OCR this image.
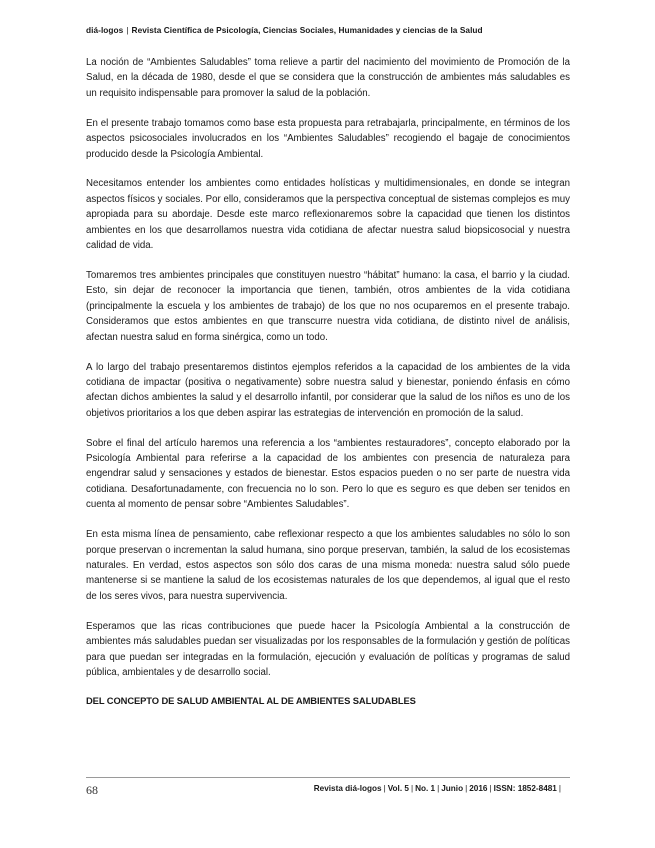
diá-logos | Revista Científica de Psicología, Ciencias Sociales, Humanidades y ciencias de la Salud

La noción de “Ambientes Saludables” toma relieve a partir del nacimiento del movimiento de Promoción de la Salud, en la década de 1980, desde el que se considera que la construcción de ambientes más saludables es un requisito indispensable para promover la salud de la población.

En el presente trabajo tomamos como base esta propuesta para retrabajarla, principalmente, en términos de los aspectos psicosociales involucrados en los “Ambientes Saludables” recogiendo el bagaje de conocimientos producido desde la Psicología Ambiental.

Necesitamos entender los ambientes como entidades holísticas y multidimensionales, en donde se integran aspectos físicos y sociales. Por ello, consideramos que la perspectiva conceptual de sistemas complejos es muy apropiada para su abordaje. Desde este marco reflexionaremos sobre la capacidad que tienen los distintos ambientes en los que desarrollamos nuestra vida cotidiana de afectar nuestra salud biopsicosocial y nuestra calidad de vida.

Tomaremos tres ambientes principales que constituyen nuestro “hábitat” humano: la casa, el barrio y la ciudad. Esto, sin dejar de reconocer la importancia que tienen, también, otros ambientes de la vida cotidiana (principalmente la escuela y los ambientes de trabajo) de los que no nos ocuparemos en el presente trabajo. Consideramos que estos ambientes en que transcurre nuestra vida cotidiana, de distinto nivel de análisis, afectan nuestra salud en forma sinérgica, como un todo.

A lo largo del trabajo presentaremos distintos ejemplos referidos a la capacidad de los ambientes de la vida cotidiana de impactar (positiva o negativamente) sobre nuestra salud y bienestar, poniendo énfasis en cómo afectan dichos ambientes la salud y el desarrollo infantil, por considerar que la salud de los niños es uno de los objetivos prioritarios a los que deben aspirar las estrategias de intervención en promoción de la salud.

Sobre el final del artículo haremos una referencia a los “ambientes restauradores”, concepto elaborado por la Psicología Ambiental para referirse a la capacidad de los ambientes con presencia de naturaleza para engendrar salud y sensaciones y estados de bienestar. Estos espacios pueden o no ser parte de nuestra vida cotidiana. Desafortunadamente, con frecuencia no lo son. Pero lo que es seguro es que deben ser tenidos en cuenta al momento de pensar sobre “Ambientes Saludables”.

En esta misma línea de pensamiento, cabe reflexionar respecto a que los ambientes saludables no sólo lo son porque preservan o incrementan la salud humana, sino porque preservan, también, la salud de los ecosistemas naturales. En verdad, estos aspectos son sólo dos caras de una misma moneda: nuestra salud sólo puede mantenerse si se mantiene la salud de los ecosistemas naturales de los que dependemos, al igual que el resto de los seres vivos, para nuestra supervivencia.

Esperamos que las ricas contribuciones que puede hacer la Psicología Ambiental a la construcción de ambientes más saludables puedan ser visualizadas por los responsables de la formulación y gestión de políticas para que puedan ser integradas en la formulación, ejecución y evaluación de políticas y programas de salud pública, ambientales y de desarrollo social.

DEL CONCEPTO DE SALUD AMBIENTAL AL DE AMBIENTES SALUDABLES
68	Revista diá-logos | Vol. 5 | No. 1 | Junio | 2016 | ISSN: 1852-8481 |
